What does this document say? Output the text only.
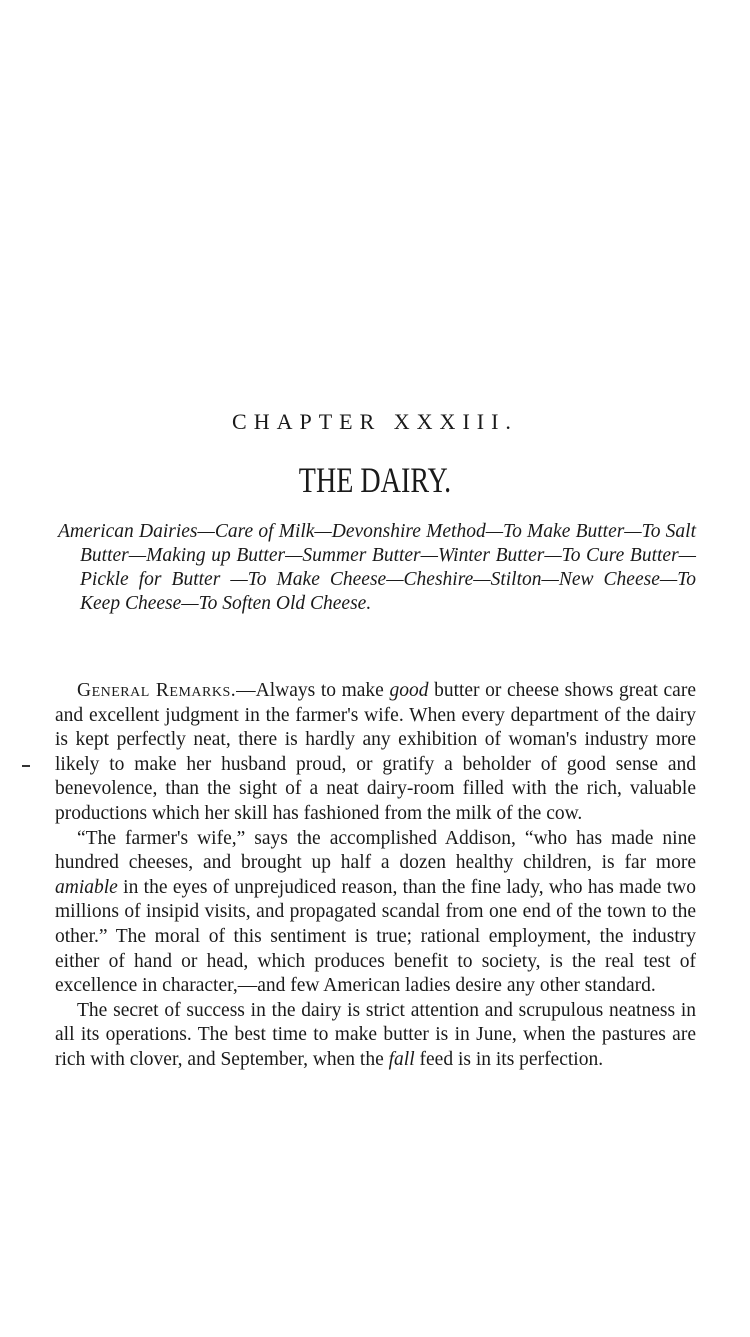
CHAPTER XXXIII.
THE DAIRY.
American Dairies—Care of Milk—Devonshire Method—To Make Butter—To Salt Butter—Making up Butter—Summer Butter—Winter Butter—To Cure Butter—Pickle for Butter —To Make Cheese—Cheshire—Stilton—New Cheese—To Keep Cheese—To Soften Old Cheese.

General Remarks.—Always to make good butter or cheese shows great care and excellent judgment in the farmer's wife. When every department of the dairy is kept perfectly neat, there is hardly any exhibition of woman's industry more likely to make her husband proud, or gratify a beholder of good sense and benevolence, than the sight of a neat dairy-room filled with the rich, valuable productions which her skill has fashioned from the milk of the cow.

“The farmer's wife,” says the accomplished Addison, “who has made nine hundred cheeses, and brought up half a dozen healthy children, is far more amiable in the eyes of unprejudiced reason, than the fine lady, who has made two millions of insipid visits, and propagated scandal from one end of the town to the other.” The moral of this sentiment is true; rational employment, the industry either of hand or head, which produces benefit to society, is the real test of excellence in character,—and few American ladies desire any other standard.

The secret of success in the dairy is strict attention and scrupulous neatness in all its operations. The best time to make butter is in June, when the pastures are rich with clover, and September, when the fall feed is in its perfection.
